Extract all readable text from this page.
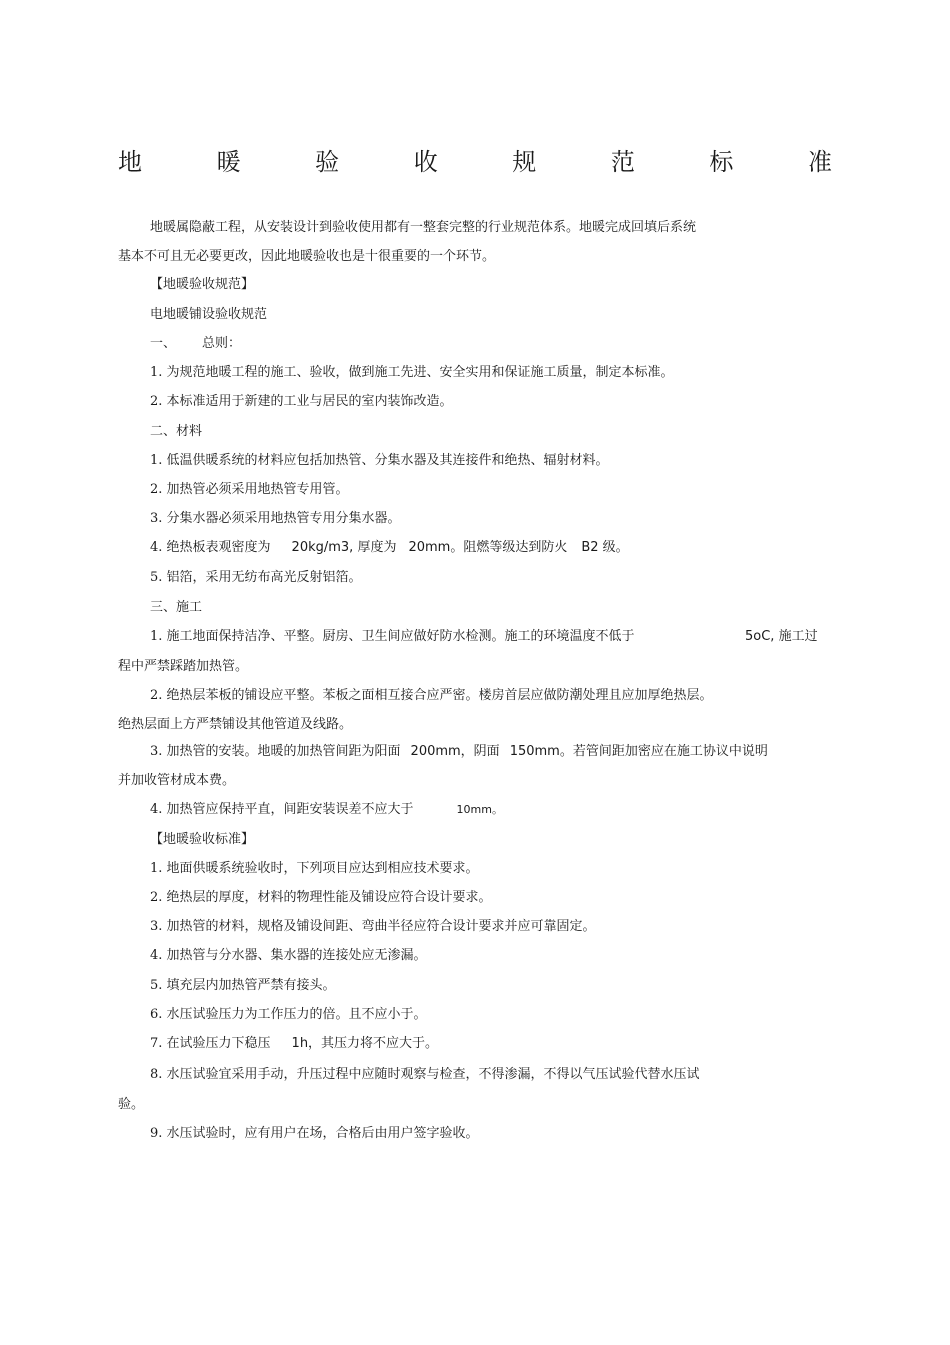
地	暖	验	收	规	范	标	准
地暖属隐蔽工程，从安装设计到验收使用都有一整套完整的行业规范体系。地暖完成回填后系统
基本不可且无必要更改，因此地暖验收也是十很重要的一个环节。
【地暖验收规范】
电地暖铺设验收规范
一、 总则：
1. 为规范地暖工程的施工、验收，做到施工先进、安全实用和保证施工质量，制定本标准。
2. 本标准适用于新建的工业与居民的室内装饰改造。
二、材料
1. 低温供暖系统的材料应包括加热管、分集水器及其连接件和绝热、辐射材料。
2. 加热管必须采用地热管专用管。
3. 分集水器必须采用地热管专用分集水器。
4. 绝热板表观密度为 20kg/m3, 厚度为 20mm。阻燃等级达到防火 B2 级。
5. 铝箔，采用无纺布高光反射铝箔。
三、施工
1. 施工地面保持洁净、平整。厨房、卫生间应做好防水检测。施工的环境温度不低于	5oC, 施工过
程中严禁踩踏加热管。
2. 绝热层苯板的铺设应平整。苯板之面相互接合应严密。楼房首层应做防潮处理且应加厚绝热层。
绝热层面上方严禁铺设其他管道及线路。
3. 加热管的安装。地暖的加热管间距为阳面 200mm，阴面 150mm。若管间距加密应在施工协议中说明
并加收管材成本费。
4. 加热管应保持平直，间距安装误差不应大于	10mm。
【地暖验收标准】
1. 地面供暖系统验收时，下列项目应达到相应技术要求。
2. 绝热层的厚度，材料的物理性能及铺设应符合设计要求。
3. 加热管的材料，规格及铺设间距、弯曲半径应符合设计要求并应可靠固定。
4. 加热管与分水器、集水器的连接处应无渗漏。
5. 填充层内加热管严禁有接头。
6. 水压试验压力为工作压力的倍。且不应小于。
7. 在试验压力下稳压 1h，其压力将不应大于。
8. 水压试验宜采用手动，升压过程中应随时观察与检查，不得渗漏，不得以气压试验代替水压试
验。
9. 水压试验时，应有用户在场，合格后由用户签字验收。
